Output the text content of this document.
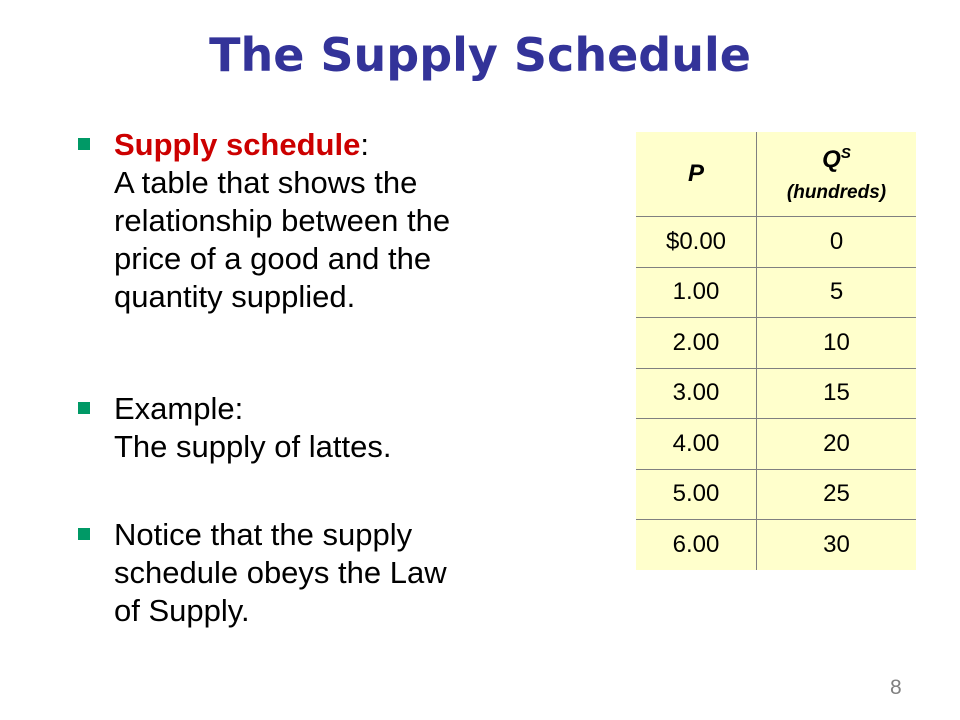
The Supply Schedule
Supply schedule:
A table that shows the
relationship between the
price of a good and the
quantity supplied.
Example:
The supply of lattes.
Notice that the supply
schedule obeys the Law
of Supply.
P	$Q^S$
(hundreds)

$0.00	0
1.00	5
2.00	10
3.00	15
4.00	20
5.00	25
6.00	30
8
